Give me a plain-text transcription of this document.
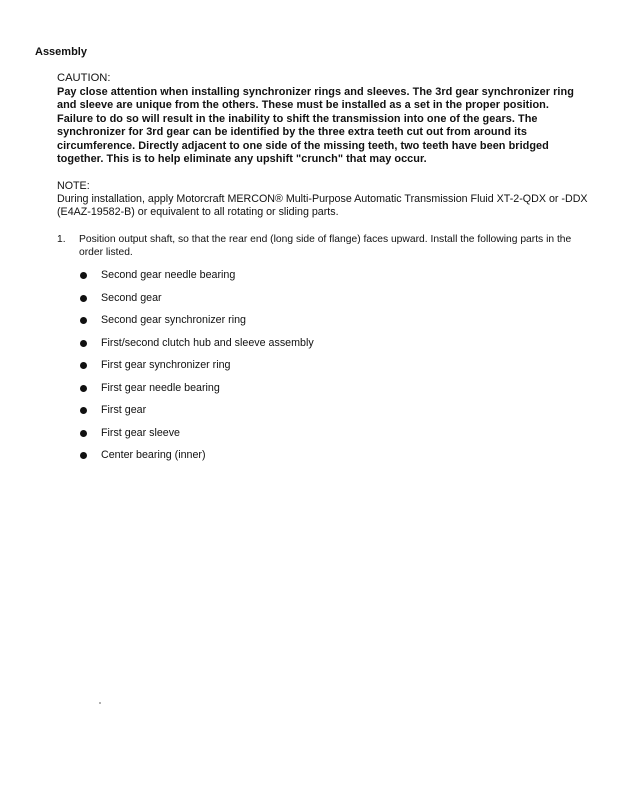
Assembly
CAUTION:
Pay close attention when installing synchronizer rings and sleeves. The 3rd gear synchronizer ring and sleeve are unique from the others. These must be installed as a set in the proper position. Failure to do so will result in the inability to shift the transmission into one of the gears. The synchronizer for 3rd gear can be identified by the three extra teeth cut out from around its circumference. Directly adjacent to one side of the missing teeth, two teeth have been bridged together. This is to help eliminate any upshift "crunch" that may occur.
NOTE:
During installation, apply Motorcraft MERCON® Multi-Purpose Automatic Transmission Fluid XT-2-QDX or -DDX (E4AZ-19582-B) or equivalent to all rotating or sliding parts.
1. Position output shaft, so that the rear end (long side of flange) faces upward. Install the following parts in the order listed.
Second gear needle bearing
Second gear
Second gear synchronizer ring
First/second clutch hub and sleeve assembly
First gear synchronizer ring
First gear needle bearing
First gear
First gear sleeve
Center bearing (inner)
